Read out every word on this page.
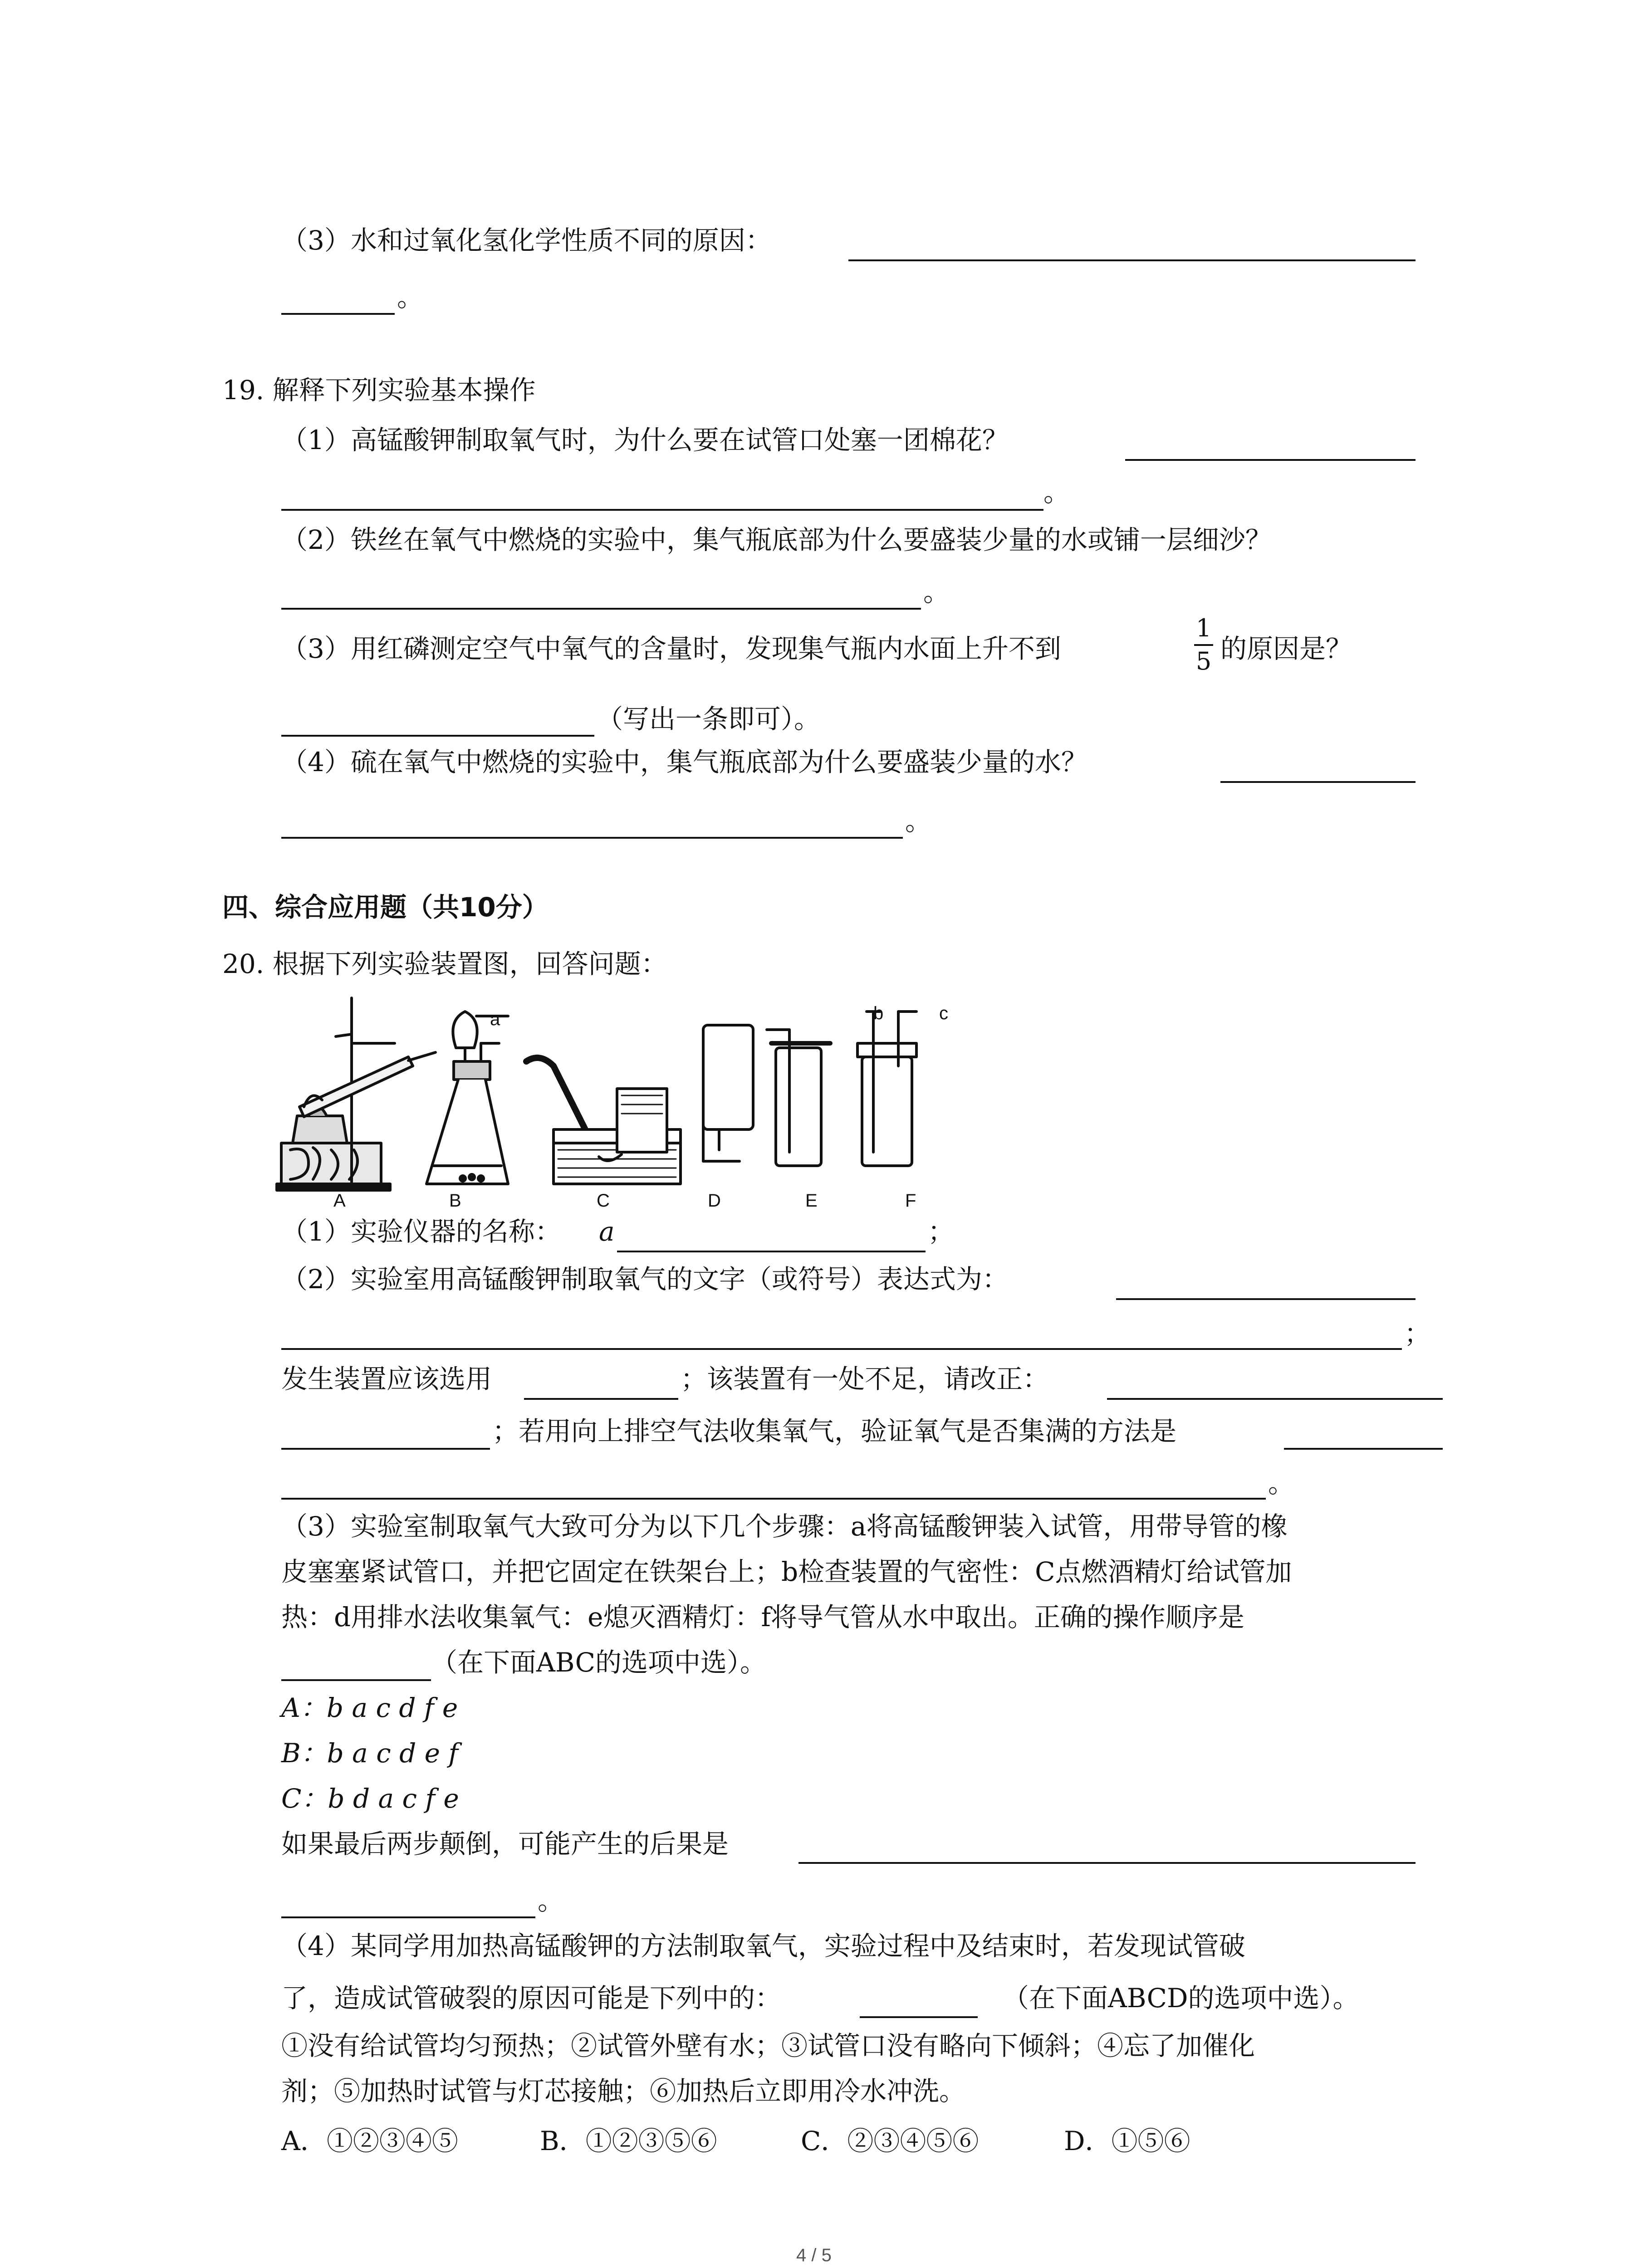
（3）水和过氧化氢化学性质不同的原因：
。
19. 解释下列实验基本操作
（1）高锰酸钾制取氧气时，为什么要在试管口处塞一团棉花？
。
（2）铁丝在氧气中燃烧的实验中，集气瓶底部为什么要盛装少量的水或铺一层细沙？
。
（3）用红磷测定空气中氧气的含量时，发现集气瓶内水面上升不到
1
5 的原因是？
（写出一条即可）。
（4）硫在氧气中燃烧的实验中，集气瓶底部为什么要盛装少量的水？
。
四、综合应用题（共10分）
20. 根据下列实验装置图，回答问题：
a	b	c
A	B	C	D	E	F
（1）实验仪器的名称： a	；
（2）实验室用高锰酸钾制取氧气的文字（或符号）表达式为：
；
发生装置应该选用	；该装置有一处不足，请改正：
；若用向上排空气法收集氧气，验证氧气是否集满的方法是
。
（3）实验室制取氧气大致可分为以下几个步骤：a将高锰酸钾装入试管，用带导管的橡
皮塞塞紧试管口，并把它固定在铁架台上；b检查装置的气密性：C点燃酒精灯给试管加
热：d用排水法收集氧气：e熄灭酒精灯：f将导气管从水中取出。正确的操作顺序是
（在下面ABC的选项中选）。
A：b a c d f e
B：b a c d e f
C：b d a c f e
如果最后两步颠倒，可能产生的后果是
。
（4）某同学用加热高锰酸钾的方法制取氧气，实验过程中及结束时，若发现试管破
了，造成试管破裂的原因可能是下列中的：	（在下面ABCD的选项中选）。
①没有给试管均匀预热；②试管外壁有水；③试管口没有略向下倾斜；④忘了加催化
剂；⑤加热时试管与灯芯接触；⑥加热后立即用冷水冲洗。
A．①②③④⑤	B．①②③⑤⑥	C．②③④⑤⑥	D．①⑤⑥
4 / 5
